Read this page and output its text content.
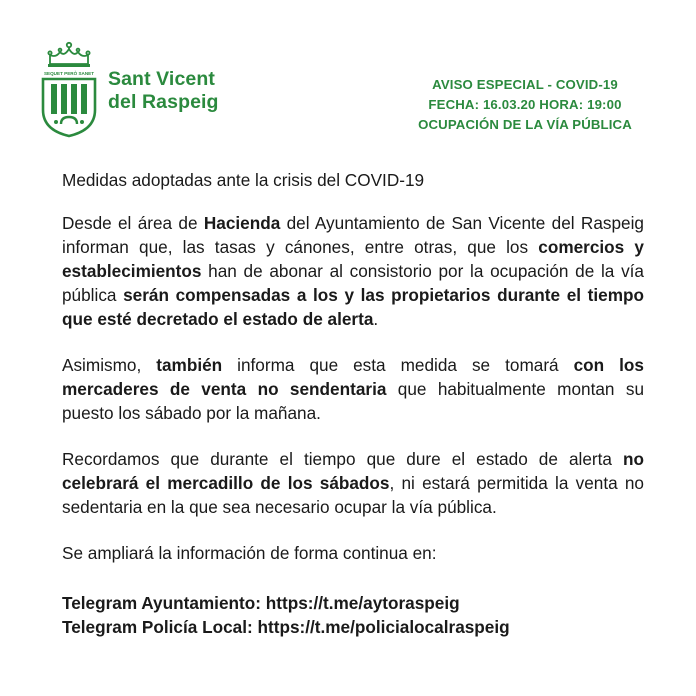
SEQUET PERÒ SANET Sant Vicent
del Raspeig
AVISO ESPECIAL - COVID-19
FECHA: 16.03.20 HORA: 19:00
OCUPACIÓN DE LA VÍA PÚBLICA

Medidas adoptadas ante la crisis del COVID-19

Desde el área de Hacienda del Ayuntamiento de San Vicente del Raspeig informan que, las tasas y cánones, entre otras, que los comercios y establecimientos han de abonar al consistorio por la ocupación de la vía pública serán compensadas a los y las propietarios durante el tiempo que esté decretado el estado de alerta.

Asimismo, también informa que esta medida se tomará con los mercaderes de venta no sendentaria que habitualmente montan su puesto los sábado por la mañana.

Recordamos que durante el tiempo que dure el estado de alerta no celebrará el mercadillo de los sábados, ni estará permitida la venta no sedentaria en la que sea necesario ocupar la vía pública.

Se ampliará la información de forma continua en:

Telegram Ayuntamiento: https://t.me/aytoraspeig
Telegram Policía Local: https://t.me/policialocalraspeig
